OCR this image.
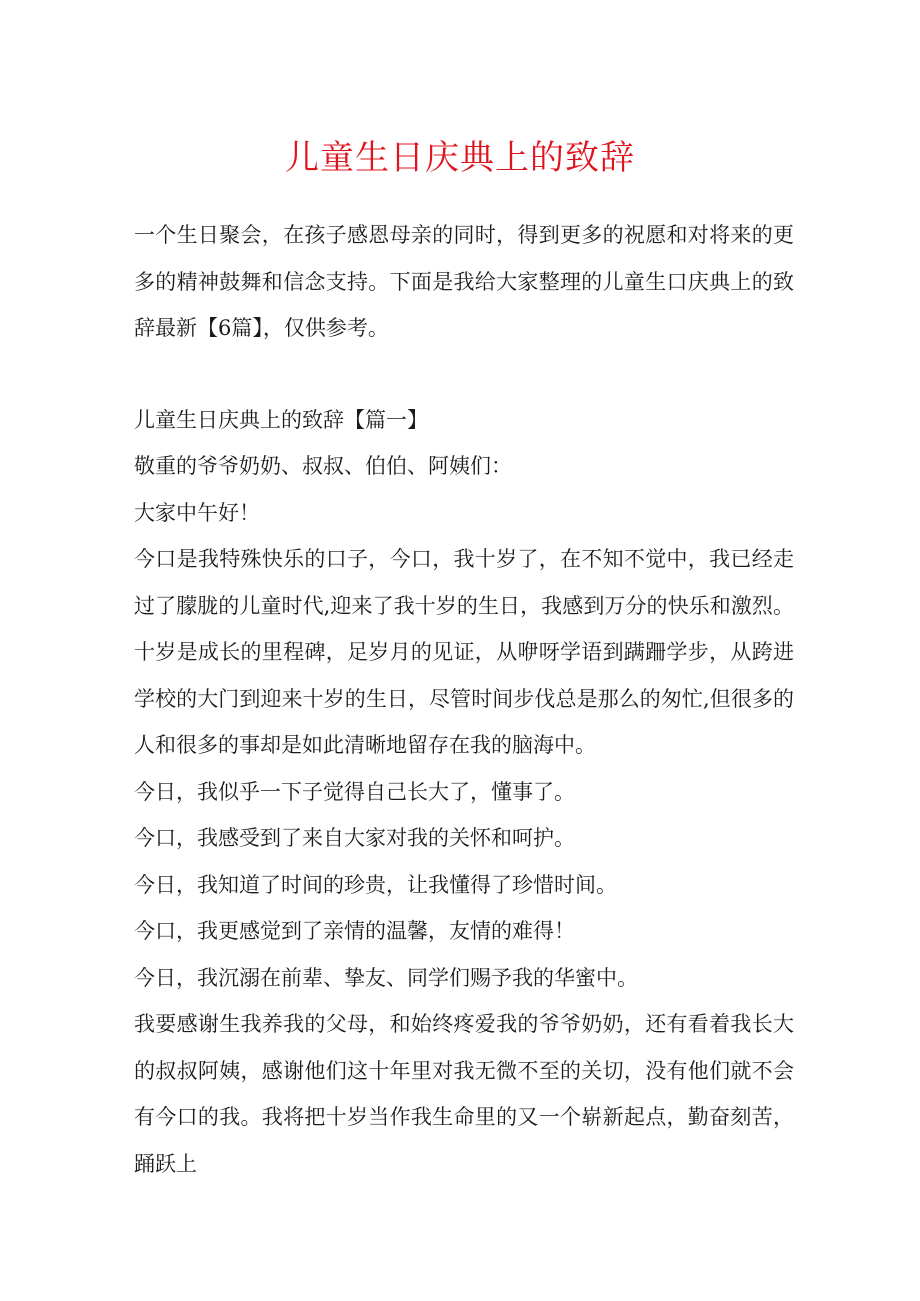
儿童生日庆典上的致辞

一个生日聚会，在孩子感恩母亲的同时，得到更多的祝愿和对将来的更多的精神鼓舞和信念支持。下面是我给大家整理的儿童生口庆典上的致辞最新【6篇】，仅供参考。

儿童生日庆典上的致辞【篇一】

敬重的爷爷奶奶、叔叔、伯伯、阿姨们：

大家中午好！

今口是我特殊快乐的口子，今口，我十岁了，在不知不觉中，我已经走过了朦胧的儿童时代,迎来了我十岁的生日，我感到万分的快乐和激烈。十岁是成长的里程碑，足岁月的见证，从咿呀学语到蹒跚学步，从跨进学校的大门到迎来十岁的生日，尽管时间步伐总是那么的匆忙,但很多的人和很多的事却是如此清晰地留存在我的脑海中。

今日，我似乎一下子觉得自己长大了，懂事了。

今口，我感受到了来自大家对我的关怀和呵护。

今日，我知道了时间的珍贵，让我懂得了珍惜时间。

今口，我更感觉到了亲情的温馨，友情的难得！

今日，我沉溺在前辈、挚友、同学们赐予我的华蜜中。

我要感谢生我养我的父母，和始终疼爱我的爷爷奶奶，还有看着我长大的叔叔阿姨，感谢他们这十年里对我无微不至的关切，没有他们就不会有今口的我。我将把十岁当作我生命里的又一个崭新起点，勤奋刻苦，踊跃上
